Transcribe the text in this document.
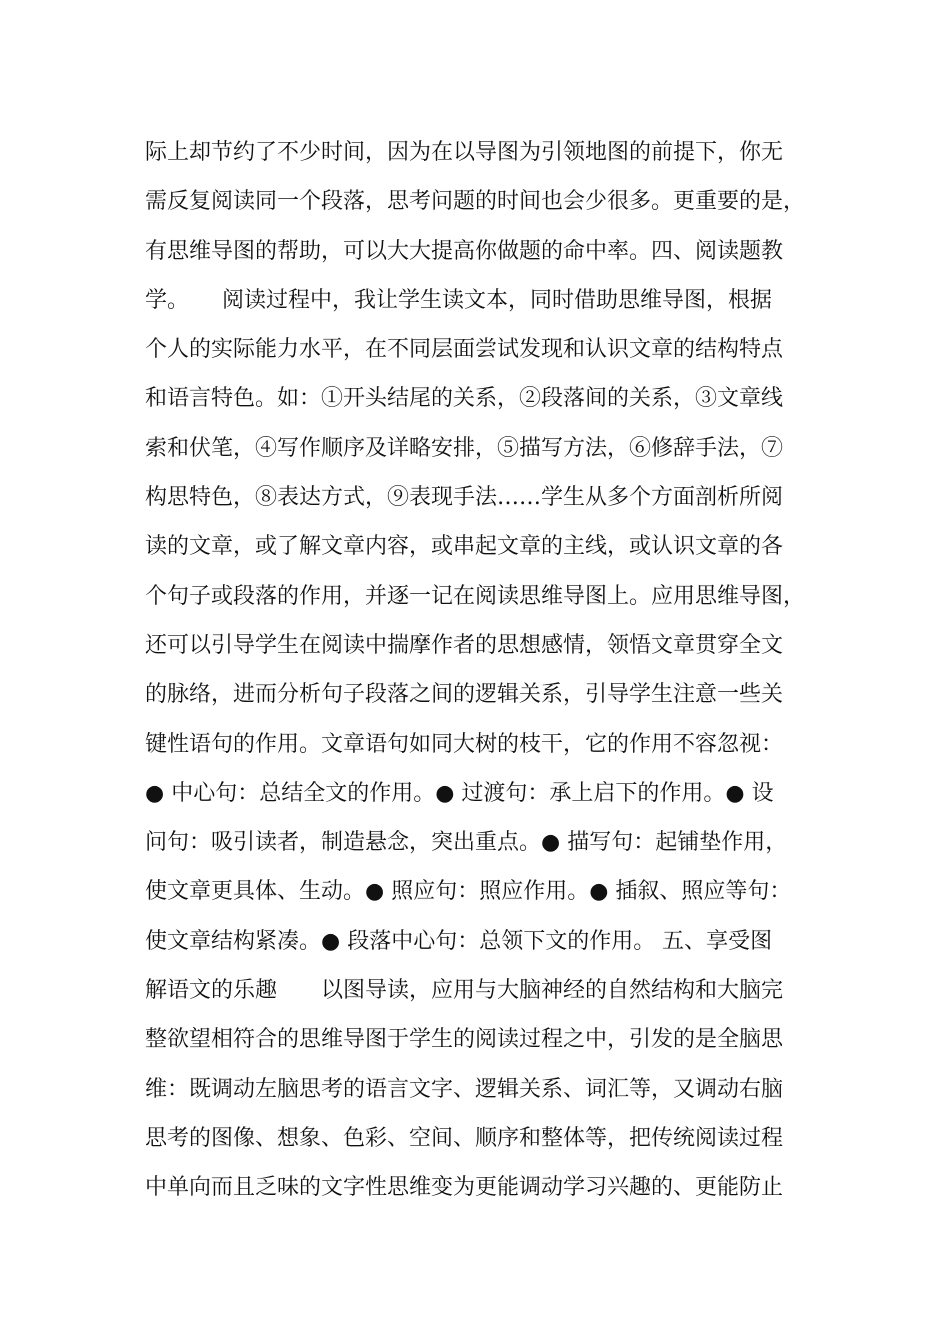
际上却节约了不少时间，因为在以导图为引领地图的前提下，你无
需反复阅读同一个段落，思考问题的时间也会少很多。更重要的是，
有思维导图的帮助，可以大大提高你做题的命中率。四、阅读题教
学。　　阅读过程中，我让学生读文本，同时借助思维导图，根据
个人的实际能力水平，在不同层面尝试发现和认识文章的结构特点
和语言特色。如：①开头结尾的关系，②段落间的关系，③文章线
索和伏笔，④写作顺序及详略安排，⑤描写方法，⑥修辞手法，⑦
构思特色，⑧表达方式，⑨表现手法……学生从多个方面剖析所阅
读的文章，或了解文章内容，或串起文章的主线，或认识文章的各
个句子或段落的作用，并逐一记在阅读思维导图上。应用思维导图，
还可以引导学生在阅读中揣摩作者的思想感情，领悟文章贯穿全文
的脉络，进而分析句子段落之间的逻辑关系，引导学生注意一些关
键性语句的作用。文章语句如同大树的枝干，它的作用不容忽视：
● 中心句：总结全文的作用。● 过渡句：承上启下的作用。● 设
问句：吸引读者，制造悬念，突出重点。● 描写句：起铺垫作用，
使文章更具体、生动。● 照应句：照应作用。● 插叙、照应等句：
使文章结构紧凑。● 段落中心句：总领下文的作用。 五、享受图
解语文的乐趣　　以图导读，应用与大脑神经的自然结构和大脑完
整欲望相符合的思维导图于学生的阅读过程之中，引发的是全脑思
维：既调动左脑思考的语言文字、逻辑关系、词汇等，又调动右脑
思考的图像、想象、色彩、空间、顺序和整体等，把传统阅读过程
中单向而且乏味的文字性思维变为更能调动学习兴趣的、更能防止
